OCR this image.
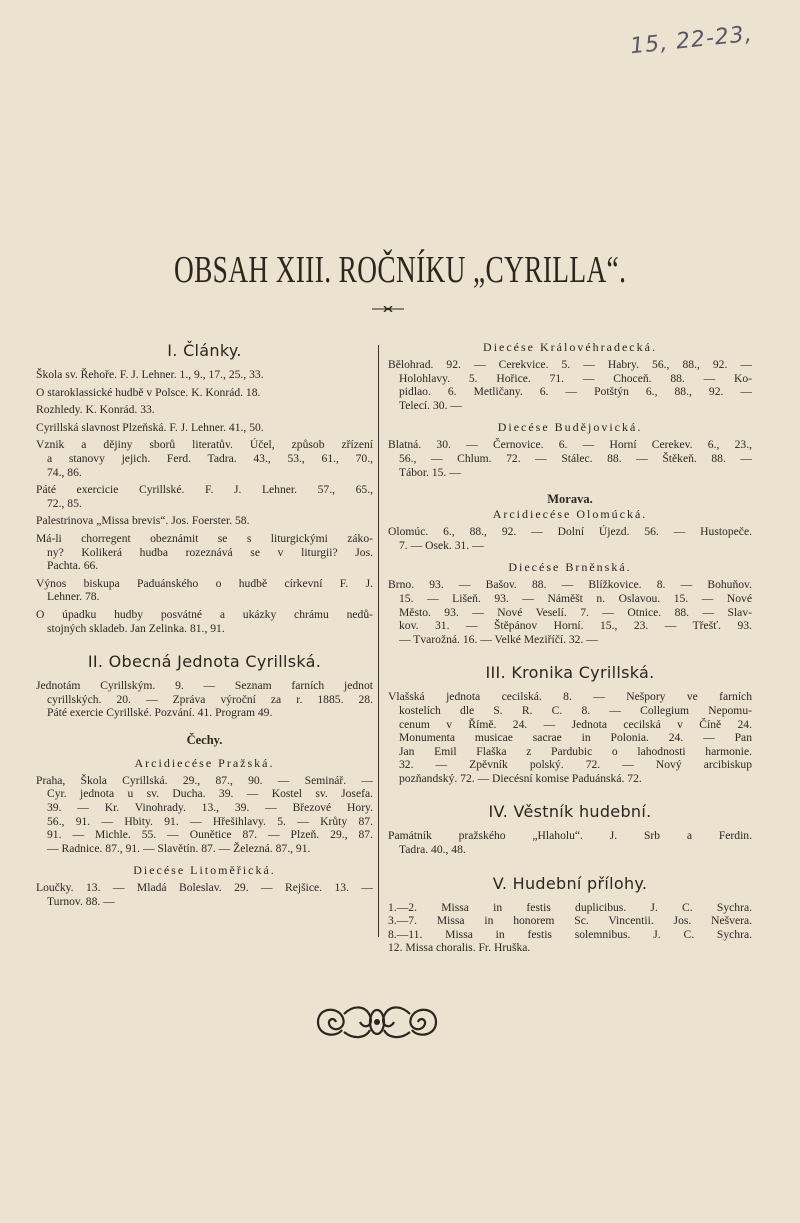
15, 22-23,
OBSAH XIII. ROČNÍKU „CYRILLA“.
I. Články.
Škola sv. Řehoře. F. J. Lehner. 1., 9., 17., 25., 33.
O staroklassické hudbě v Polsce. K. Konrád. 18.
Rozhledy. K. Konrád. 33.
Cyrillská slavnost Plzeňská. F. J. Lehner. 41., 50.
Vznik a dějiny sborů literatův. Účel, způsob zřízení
a stanovy jejich. Ferd. Tadra. 43., 53., 61., 70.,
74., 86.
Páté exercicie Cyrillské. F. J. Lehner. 57., 65.,
72., 85.
Palestrinova „Missa brevis“. Jos. Foerster. 58.
Má-li chorregent obeznámit se s liturgickými záko-
ny? Kolikerá hudba rozeznává se v liturgii? Jos.
Pachta. 66.
Výnos biskupa Paduánského o hudbě církevní F. J.
Lehner. 78.
O úpadku hudby posvátné a ukázky chrámu nedů-
stojných skladeb. Jan Zelinka. 81., 91.
II. Obecná Jednota Cyrillská.
Jednotám Cyrillským. 9. — Seznam farních jednot
cyrillských. 20. — Zpráva výroční za r. 1885. 28.
Páté exercie Cyrillské. Pozvání. 41. Program 49.
Čechy.
Arcidiecése Pražská.
Praha, Škola Cyrillská. 29., 87., 90. — Seminář. —
Cyr. jednota u sv. Ducha. 39. — Kostel sv. Josefa.
39. — Kr. Vinohrady. 13., 39. — Březové Hory.
56., 91. — Hbity. 91. — Hřešihlavy. 5. — Krůty 87.
91. — Michle. 55. — Ounětice 87. — Plzeň. 29., 87.
— Radnice. 87., 91. — Slavětín. 87. — Železná. 87., 91.
Diecése Litoměřická.
Loučky. 13. — Mladá Boleslav. 29. — Rejšice. 13. —
Turnov. 88. —
Diecése Královéhradecká.
Bělohrad. 92. — Cerekvice. 5. — Habry. 56., 88., 92. —
Holohlavy. 5. Hořice. 71. — Choceň. 88. — Ko-
pidlao. 6. Metličany. 6. — Potštýn 6., 88., 92. —
Telecí. 30. —
Diecése Budějovická.
Blatná. 30. — Černovice. 6. — Horní Cerekev. 6., 23.,
56., — Chlum. 72. — Stálec. 88. — Štěkeň. 88. —
Tábor. 15. —
Morava.
Arcidiecése Olomúcká.
Olomúc. 6., 88., 92. — Dolní Újezd. 56. — Hustopeče.
7. — Osek. 31. —
Diecése Brněnská.
Brno. 93. — Bašov. 88. — Blížkovice. 8. — Bohuňov.
15. — Lišeň. 93. — Náměšt n. Oslavou. 15. — Nové
Město. 93. — Nové Veselí. 7. — Otnice. 88. — Slav-
kov. 31. — Štěpánov Horní. 15., 23. — Třešť. 93.
— Tvarožná. 16. — Velké Meziříčí. 32. —
III. Kronika Cyrillská.
Vlašská jednota cecilská. 8. — Nešpory ve farních
kostelích dle S. R. C. 8. — Collegium Nepomu-
cenum v Římě. 24. — Jednota cecilská v Číně 24.
Monumenta musicae sacrae in Polonia. 24. — Pan
Jan Emil Flaška z Pardubic o lahodnosti harmonie.
32. — Zpěvník polský. 72. — Nový arcibiskup
pozňandský. 72. — Diecésní komise Paduánská. 72.
IV. Věstník hudební.
Památník pražského „Hlaholu“. J. Srb a Ferdin.
Tadra. 40., 48.
V. Hudební přílohy.
1.—2. Missa in festis duplicibus. J. C. Sychra.
3.—7. Missa in honorem Sc. Vincentii. Jos. Nešvera.
8.—11. Missa in festis solemnibus. J. C. Sychra.
12. Missa choralis. Fr. Hruška.
